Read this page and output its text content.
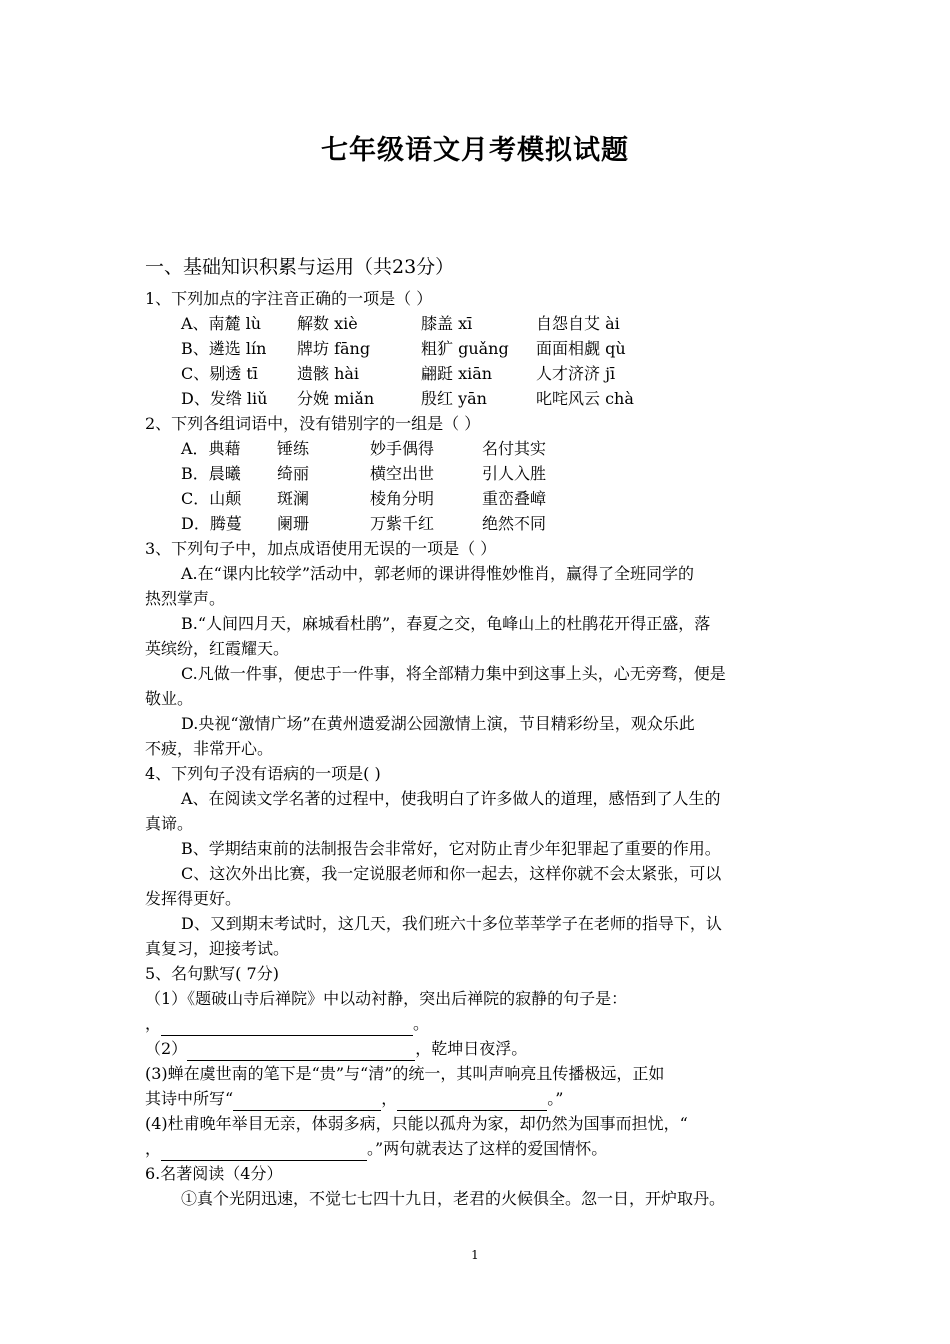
七年级语文月考模拟试题
一、基础知识积累与运用（共23分）
1、下列加点的字注音正确的一项是（ ）
A、南麓 lù 解数 xiè	膝盖 xī	自怨自艾 ài
B、遴选 lín 牌坊 fāng	粗犷 guǎng 面面相觑 qù
C、剔透 tī 遗骸 hài	翩跹 xiān	人才济济 jī
D、发绺 liǔ 分娩 miǎn	殷红 yān	叱咤风云 chà
2、下列各组词语中，没有错别字的一组是（ ）
A．典藉 锤练	妙手偶得	名付其实
B．晨曦 绮丽	横空出世	引人入胜
C．山颠 斑澜	棱角分明	重峦叠嶂
D．腾蔓 阑珊	万紫千红	绝然不同
3、下列句子中，加点成语使用无误的一项是（ ）
A.在“课内比较学”活动中，郭老师的课讲得惟妙惟肖，赢得了全班同学的
热烈掌声。
B.“人间四月天，麻城看杜鹃”，春夏之交，龟峰山上的杜鹃花开得正盛，落
英缤纷，红霞耀天。
C.凡做一件事，便忠于一件事，将全部精力集中到这事上头，心无旁骛，便是
敬业。
D.央视“激情广场”在黄州遗爱湖公园激情上演，节目精彩纷呈，观众乐此
不疲，非常开心。
4、下列句子没有语病的一项是( )
A、在阅读文学名著的过程中，使我明白了许多做人的道理，感悟到了人生的
真谛。
B、学期结束前的法制报告会非常好，它对防止青少年犯罪起了重要的作用。
C、这次外出比赛，我一定说服老师和你一起去，这样你就不会太紧张，可以
发挥得更好。
D、又到期末考试时，这几天，我们班六十多位莘莘学子在老师的指导下，认
真复习，迎接考试。
5、名句默写( 7分)
（1）《题破山寺后禅院》中以动衬静，突出后禅院的寂静的句子是：
，	。
（2）	，乾坤日夜浮。
(3)蝉在虞世南的笔下是“贵”与“清”的统一，其叫声响亮且传播极远，正如
其诗中所写“	，	。”
(4)杜甫晚年举目无亲，体弱多病，只能以孤舟为家，却仍然为国事而担忧，“
，	。”两句就表达了这样的爱国情怀。
6.名著阅读（4分）
①真个光阴迅速，不觉七七四十九日，老君的火候俱全。忽一日，开炉取丹。
1
